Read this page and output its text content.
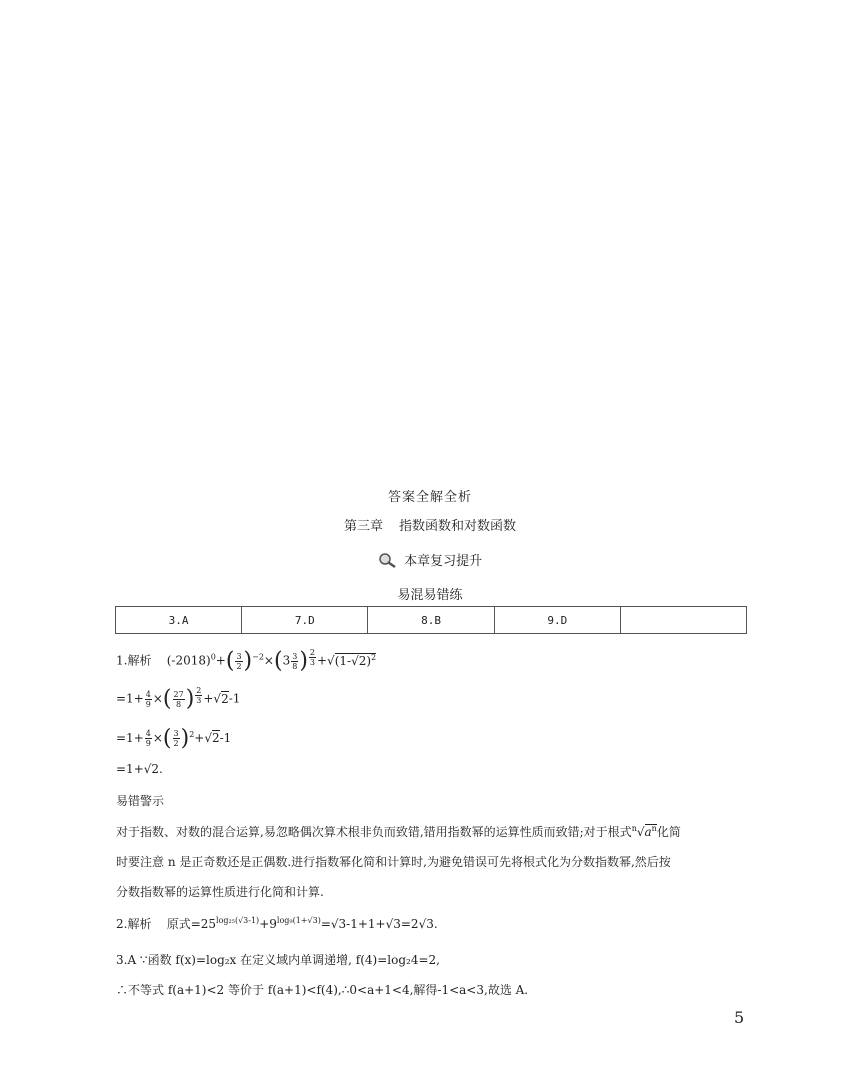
答案全解全析
第三章 指数函数和对数函数
本章复习提升
易混易错练
3.A	7.D	8.B	9.D	
1.解析 $(-2018)^0+( \frac{3}{2} )^{-2}\times(3 \frac{3}{8}$ ) $^{\frac{2}{3}} +√(1-√2)^2$
$=1+ \frac{4}{9}$ ×( $\frac{27}{8}$ ) $^{\frac{2}{3}}$ +√2-1
$=1+ \frac{4}{9}$ ×( $\frac{3}{2} )^2+√2-1$
=1+√2.
易错警示
对于指数、对数的混合运算,易忽略偶次算术根非负而致错,错用指数幂的运算性质而致错;对于根式$^n√a^n$化简
时要注意 n 是正奇数还是正偶数.进行指数幂化简和计算时,为避免错误可先将根式化为分数指数幂,然后按
分数指数幂的运算性质进行化简和计算.
2.解析 原式$=25^{log_{25}(√3-1)}+9^{log_9(1+√3)}=√3-1+1+√3=2√3$.
3.A ∵函数 f(x)=log₂x 在定义域内单调递增, f(4)=log₂4=2,
∴不等式 f(a+1)<2 等价于 f(a+1)<f(4),∴0<a+1<4,解得-1<a<3,故选 A.
5
